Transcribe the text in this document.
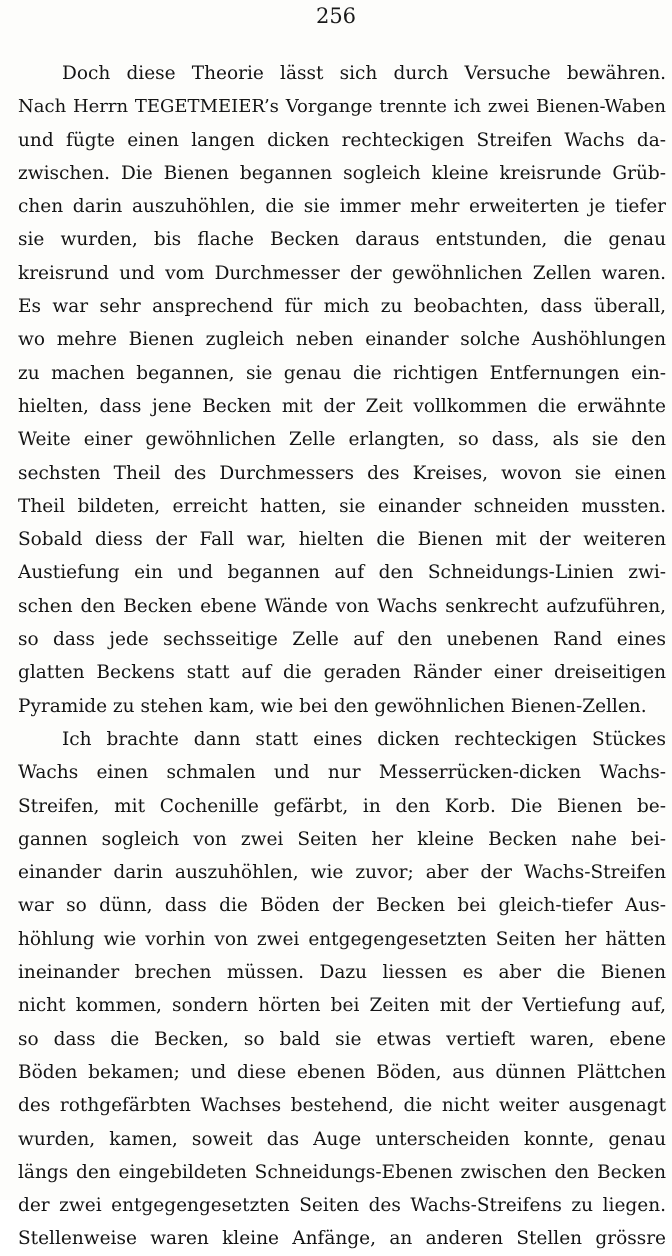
256
Doch diese Theorie lässt sich durch Versuche bewähren.
Nach Herrn TEGETMEIER’s Vorgange trennte ich zwei Bienen-Waben
und fügte einen langen dicken rechteckigen Streifen Wachs da-
zwischen. Die Bienen begannen sogleich kleine kreisrunde Grüb-
chen darin auszuhöhlen, die sie immer mehr erweiterten je tiefer
sie wurden, bis flache Becken daraus entstunden, die genau
kreisrund und vom Durchmesser der gewöhnlichen Zellen waren.
Es war sehr ansprechend für mich zu beobachten, dass überall,
wo mehre Bienen zugleich neben einander solche Aushöhlungen
zu machen begannen, sie genau die richtigen Entfernungen ein-
hielten, dass jene Becken mit der Zeit vollkommen die erwähnte
Weite einer gewöhnlichen Zelle erlangten, so dass, als sie den
sechsten Theil des Durchmessers des Kreises, wovon sie einen
Theil bildeten, erreicht hatten, sie einander schneiden mussten.
Sobald diess der Fall war, hielten die Bienen mit der weiteren
Austiefung ein und begannen auf den Schneidungs-Linien zwi-
schen den Becken ebene Wände von Wachs senkrecht aufzuführen,
so dass jede sechsseitige Zelle auf den unebenen Rand eines
glatten Beckens statt auf die geraden Ränder einer dreiseitigen
Pyramide zu stehen kam, wie bei den gewöhnlichen Bienen-Zellen.
Ich brachte dann statt eines dicken rechteckigen Stückes
Wachs einen schmalen und nur Messerrücken-dicken Wachs-
Streifen, mit Cochenille gefärbt, in den Korb. Die Bienen be-
gannen sogleich von zwei Seiten her kleine Becken nahe bei-
einander darin auszuhöhlen, wie zuvor; aber der Wachs-Streifen
war so dünn, dass die Böden der Becken bei gleich-tiefer Aus-
höhlung wie vorhin von zwei entgegengesetzten Seiten her hätten
ineinander brechen müssen. Dazu liessen es aber die Bienen
nicht kommen, sondern hörten bei Zeiten mit der Vertiefung auf,
so dass die Becken, so bald sie etwas vertieft waren, ebene
Böden bekamen; und diese ebenen Böden, aus dünnen Plättchen
des rothgefärbten Wachses bestehend, die nicht weiter ausgenagt
wurden, kamen, soweit das Auge unterscheiden konnte, genau
längs den eingebildeten Schneidungs-Ebenen zwischen den Becken
der zwei entgegengesetzten Seiten des Wachs-Streifens zu liegen.
Stellenweise waren kleine Anfänge, an anderen Stellen grössre
